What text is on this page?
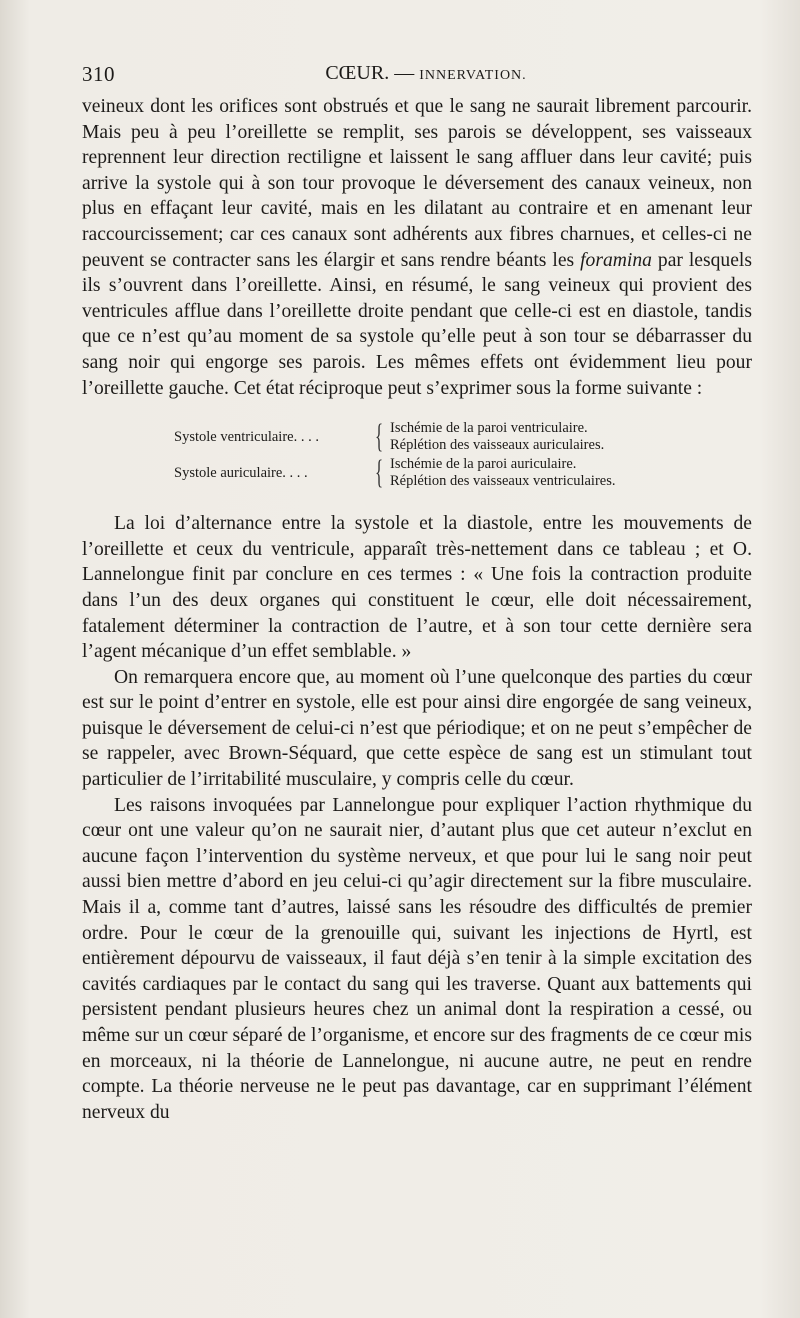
310	CŒUR. — INNERVATION.

veineux dont les orifices sont obstrués et que le sang ne saurait librement parcourir. Mais peu à peu l’oreillette se remplit, ses parois se développent, ses vaisseaux reprennent leur direction rectiligne et laissent le sang affluer dans leur cavité; puis arrive la systole qui à son tour provoque le déversement des canaux veineux, non plus en effaçant leur cavité, mais en les dilatant au contraire et en amenant leur raccourcissement; car ces canaux sont adhérents aux fibres charnues, et celles-ci ne peuvent se contracter sans les élargir et sans rendre béants les foramina par lesquels ils s’ouvrent dans l’oreillette. Ainsi, en résumé, le sang veineux qui provient des ventricules afflue dans l’oreillette droite pendant que celle-ci est en diastole, tandis que ce n’est qu’au moment de sa systole qu’elle peut à son tour se débarrasser du sang noir qui engorge ses parois. Les mêmes effets ont évidemment lieu pour l’oreillette gauche. Cet état réciproque peut s’exprimer sous la forme suivante :

Systole ventriculaire. . . .	{ Ischémie de la paroi ventriculaire.
Réplétion des vaisseaux auriculaires.
Systole auriculaire. . . .	{ Ischémie de la paroi auriculaire.
Réplétion des vaisseaux ventriculaires.

La loi d’alternance entre la systole et la diastole, entre les mouvements de l’oreillette et ceux du ventricule, apparaît très-nettement dans ce tableau ; et O. Lannelongue finit par conclure en ces termes : « Une fois la contraction produite dans l’un des deux organes qui constituent le cœur, elle doit nécessairement, fatalement déterminer la contraction de l’autre, et à son tour cette dernière sera l’agent mécanique d’un effet semblable. »

On remarquera encore que, au moment où l’une quelconque des parties du cœur est sur le point d’entrer en systole, elle est pour ainsi dire engorgée de sang veineux, puisque le déversement de celui-ci n’est que périodique; et on ne peut s’empêcher de se rappeler, avec Brown-Séquard, que cette espèce de sang est un stimulant tout particulier de l’irritabilité musculaire, y compris celle du cœur.

Les raisons invoquées par Lannelongue pour expliquer l’action rhythmique du cœur ont une valeur qu’on ne saurait nier, d’autant plus que cet auteur n’exclut en aucune façon l’intervention du système nerveux, et que pour lui le sang noir peut aussi bien mettre d’abord en jeu celui-ci qu’agir directement sur la fibre musculaire. Mais il a, comme tant d’autres, laissé sans les résoudre des difficultés de premier ordre. Pour le cœur de la grenouille qui, suivant les injections de Hyrtl, est entièrement dépourvu de vaisseaux, il faut déjà s’en tenir à la simple excitation des cavités cardiaques par le contact du sang qui les traverse. Quant aux battements qui persistent pendant plusieurs heures chez un animal dont la respiration a cessé, ou même sur un cœur séparé de l’organisme, et encore sur des fragments de ce cœur mis en morceaux, ni la théorie de Lannelongue, ni aucune autre, ne peut en rendre compte. La théorie nerveuse ne le peut pas davantage, car en supprimant l’élément nerveux du
